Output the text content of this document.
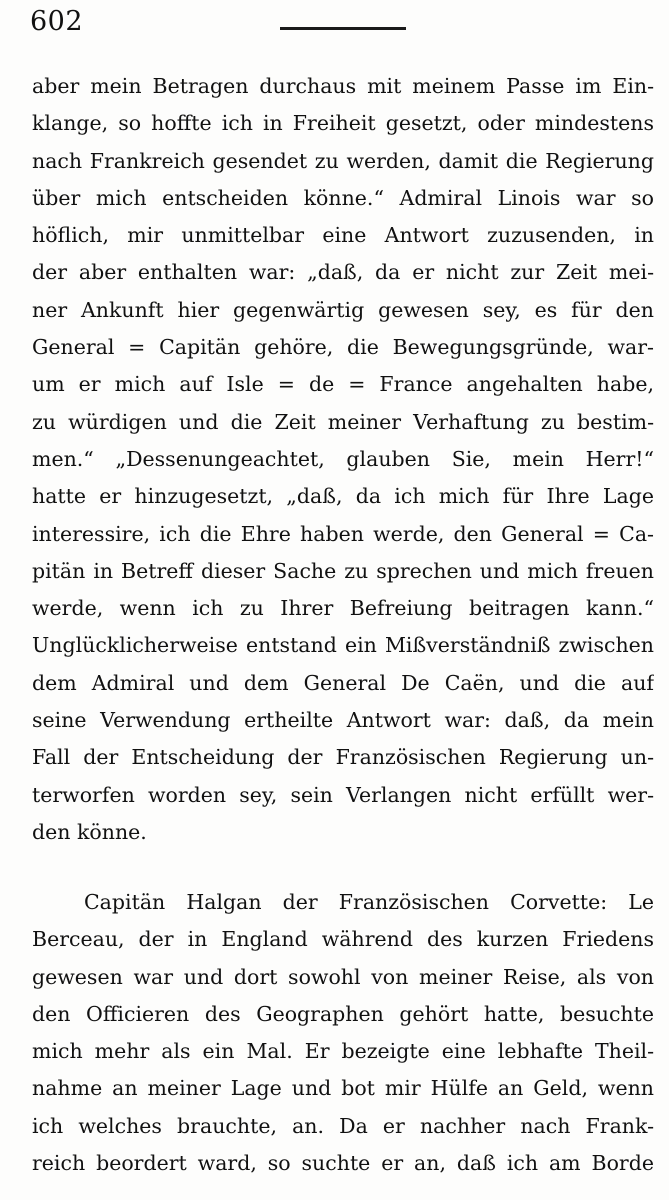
602
aber mein Betragen durchaus mit meinem Passe im Ein-
klange, so hoffte ich in Freiheit gesetzt, oder mindestens
nach Frankreich gesendet zu werden, damit die Regierung
über mich entscheiden könne.“ Admiral Linois war so
höflich, mir unmittelbar eine Antwort zuzusenden, in
der aber enthalten war: „daß, da er nicht zur Zeit mei-
ner Ankunft hier gegenwärtig gewesen sey, es für den
General = Capitän gehöre, die Bewegungsgründe, war-
um er mich auf Isle = de = France angehalten habe,
zu würdigen und die Zeit meiner Verhaftung zu bestim-
men.“ „Dessenungeachtet, glauben Sie, mein Herr!“
hatte er hinzugesetzt, „daß, da ich mich für Ihre Lage
interessire, ich die Ehre haben werde, den General = Ca-
pitän in Betreff dieser Sache zu sprechen und mich freuen
werde, wenn ich zu Ihrer Befreiung beitragen kann.“
Unglücklicherweise entstand ein Mißverständniß zwischen
dem Admiral und dem General De Caën, und die auf
seine Verwendung ertheilte Antwort war: daß, da mein
Fall der Entscheidung der Französischen Regierung un-
terworfen worden sey, sein Verlangen nicht erfüllt wer-
den könne.
Capitän Halgan der Französischen Corvette: Le
Berceau, der in England während des kurzen Friedens
gewesen war und dort sowohl von meiner Reise, als von
den Officieren des Geographen gehört hatte, besuchte
mich mehr als ein Mal. Er bezeigte eine lebhafte Theil-
nahme an meiner Lage und bot mir Hülfe an Geld, wenn
ich welches brauchte, an. Da er nachher nach Frank-
reich beordert ward, so suchte er an, daß ich am Borde
